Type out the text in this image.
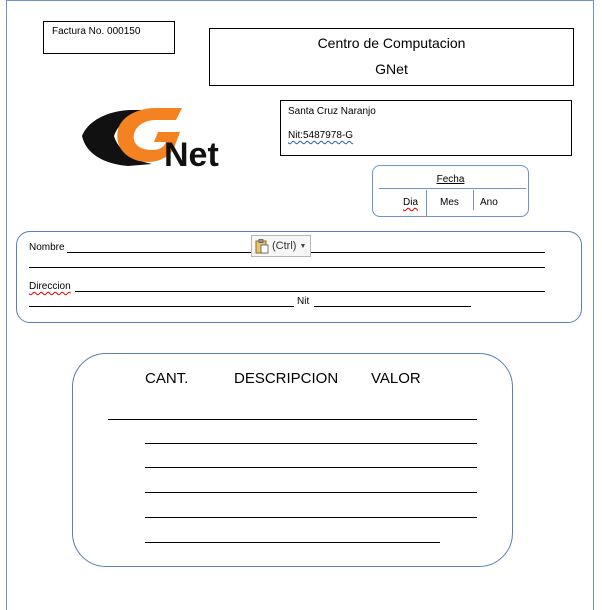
Factura No. 000150
Centro de Computacion
GNet
Santa Cruz Naranjo
Nit:5487978-G
Net
Fecha
Dia Mes Ano
Nombre
Direccion
Nit
(Ctrl) ▼
CANT.	DESCRIPCION VALOR
